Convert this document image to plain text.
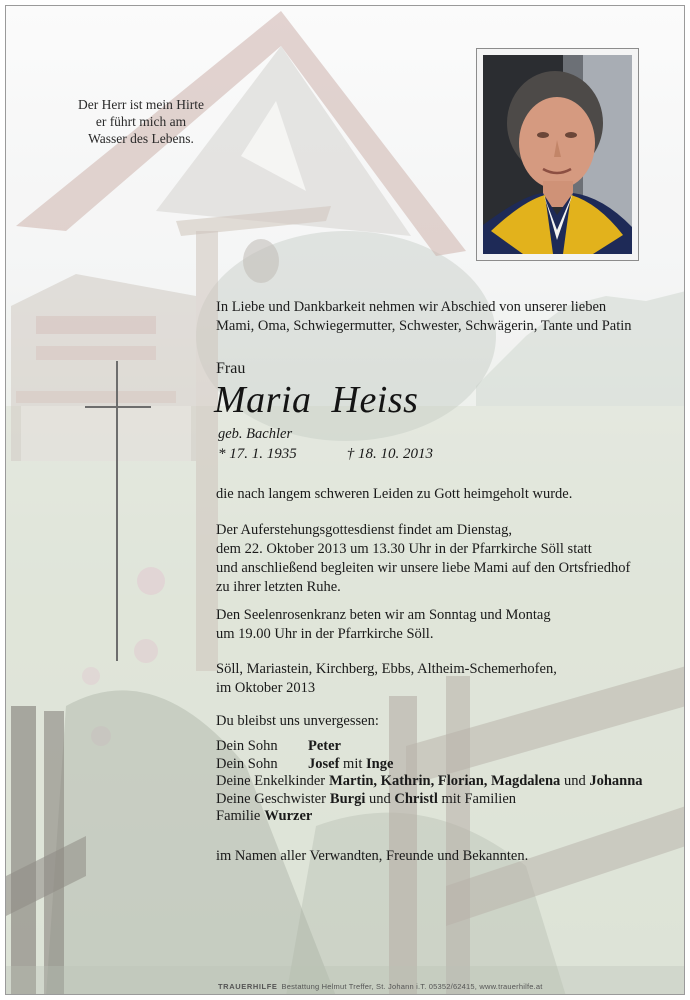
Der Herr ist mein Hirte
er führt mich am
Wasser des Lebens.
In Liebe und Dankbarkeit nehmen wir Abschied von unserer lieben
Mami, Oma, Schwiegermutter, Schwester, Schwägerin, Tante und Patin
Frau
Maria  Heiss
geb. Bachler
* 17. 1. 1935	† 18. 10. 2013
die nach langem schweren Leiden zu Gott heimgeholt wurde.
Der Auferstehungsgottesdienst findet am Dienstag,
dem 22. Oktober 2013 um 13.30 Uhr in der Pfarrkirche Söll statt
und anschließend begleiten wir unsere liebe Mami auf den Ortsfriedhof
zu ihrer letzten Ruhe.
Den Seelenrosenkranz beten wir am Sonntag und Montag
um 19.00 Uhr in der Pfarrkirche Söll.
Söll, Mariastein, Kirchberg, Ebbs, Altheim-Schemerhofen,
im Oktober 2013
Du bleibst uns unvergessen:
Dein Sohn Peter
Dein Sohn Josef mit Inge
Deine Enkelkinder Martin, Kathrin, Florian, Magdalena und Johanna
Deine Geschwister Burgi und Christl mit Familien
FamilieWurzer
im Namen aller Verwandten, Freunde und Bekannten.
TRAUERHILFE Bestattung Helmut Treffer, St. Johann i.T. 05352/62415, www.trauerhilfe.at
